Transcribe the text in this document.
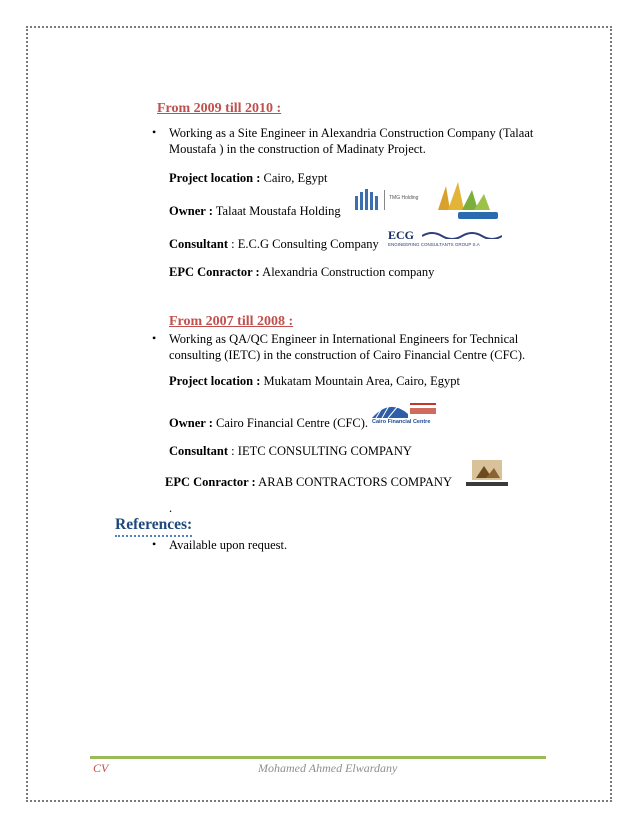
From 2009 till 2010 :
• Working as a Site Engineer in Alexandria Construction Company (Talaat
Moustafa ) in the construction of Madinaty Project.
Project location : Cairo, Egypt
Owner : Talaat Moustafa Holding
TMG Holding
Consultant : E.C.G Consulting Company
ECG
ENGINEERING CONSULTANTS GROUP S.A
EPC Conractor : Alexandria Construction company
From 2007 till 2008 :
• Working as QA/QC Engineer in International Engineers for Technical
consulting (IETC) in the construction of Cairo Financial Centre (CFC).
Project location : Mukatam Mountain Area, Cairo, Egypt
Owner : Cairo Financial Centre (CFC). Cairo Financial Centre
Consultant : IETC CONSULTING COMPANY
EPC Conractor : ARAB CONTRACTORS COMPANY
.
References:
• Available upon request.
CV	Mohamed Ahmed Elwardany
